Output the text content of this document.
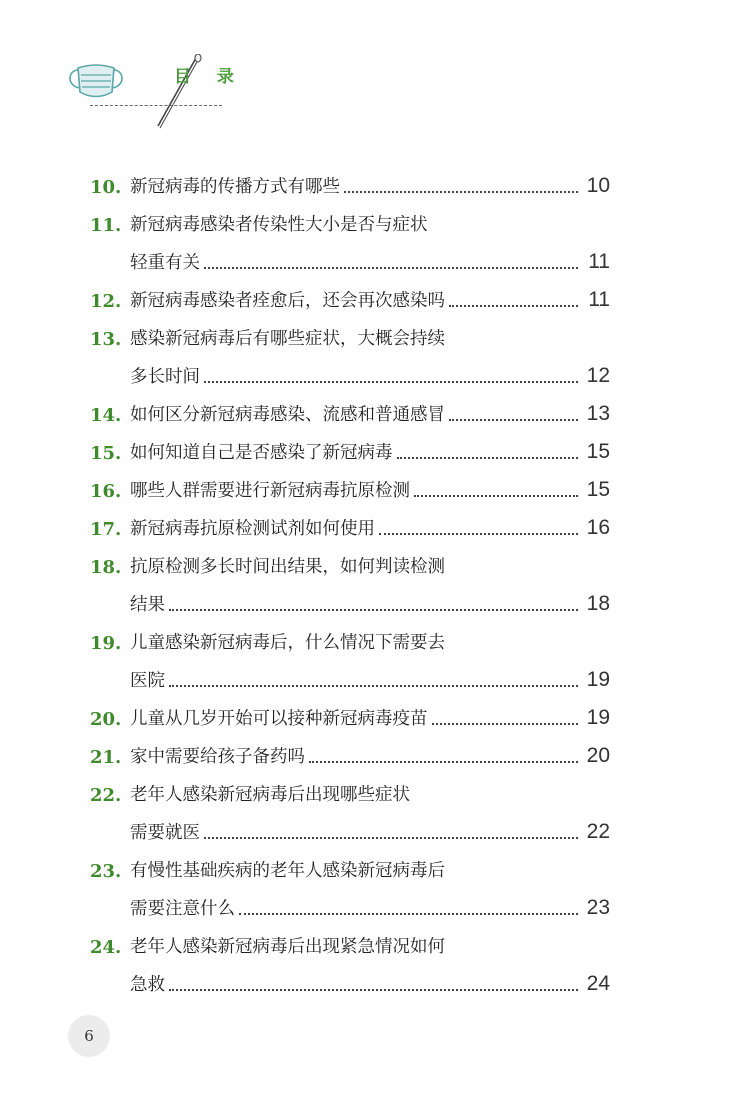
目 录
10. 新冠病毒的传播方式有哪些	10
11. 新冠病毒感染者传染性大小是否与症状
轻重有关	11
12. 新冠病毒感染者痊愈后，还会再次感染吗	11
13. 感染新冠病毒后有哪些症状，大概会持续
多长时间	12
14. 如何区分新冠病毒感染、流感和普通感冒	13
15. 如何知道自己是否感染了新冠病毒	15
16. 哪些人群需要进行新冠病毒抗原检测	15
17. 新冠病毒抗原检测试剂如何使用	16
18. 抗原检测多长时间出结果，如何判读检测
结果	18
19. 儿童感染新冠病毒后，什么情况下需要去
医院	19
20. 儿童从几岁开始可以接种新冠病毒疫苗	19
21. 家中需要给孩子备药吗	20
22. 老年人感染新冠病毒后出现哪些症状
需要就医	22
23. 有慢性基础疾病的老年人感染新冠病毒后
需要注意什么	23
24. 老年人感染新冠病毒后出现紧急情况如何
急救	24
6
